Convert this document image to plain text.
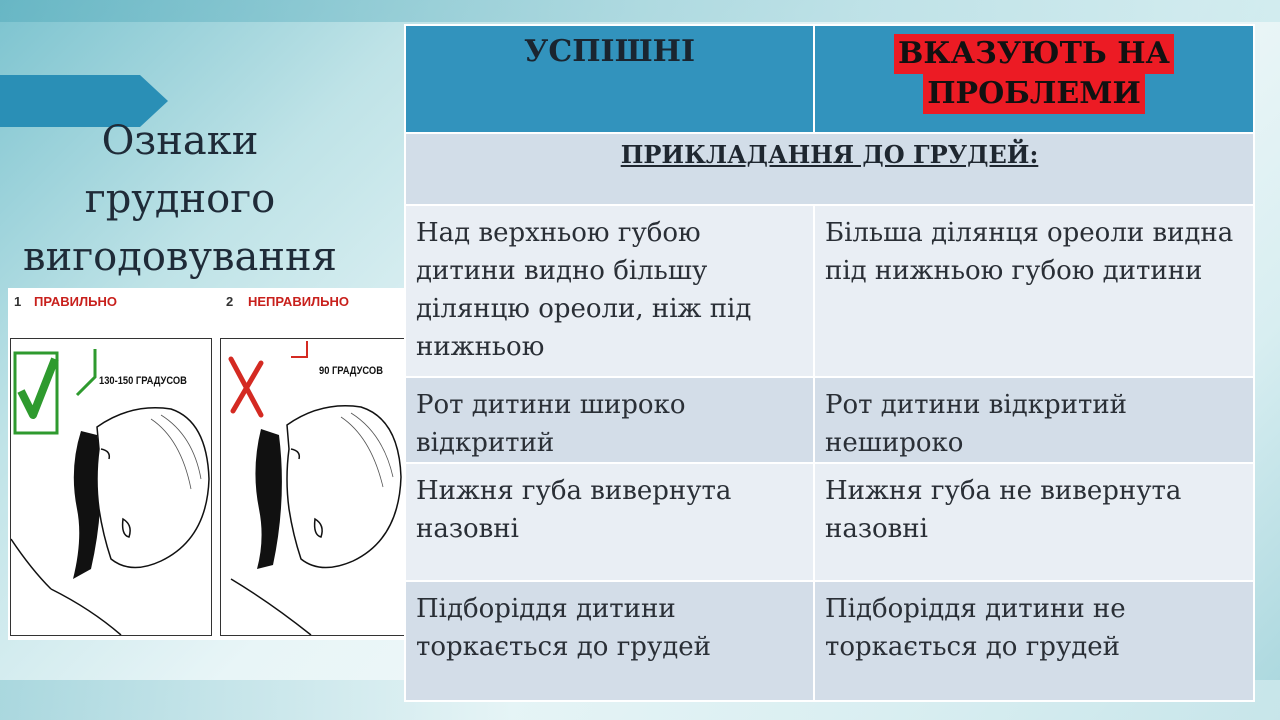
Ознаки
грудного
вигодовування
1 ПРАВИЛЬНО	2 НЕПРАВИЛЬНО
130-150 ГРАДУСОВ
90 ГРАДУСОВ
УСПІШНІ	ВКАЗУЮТЬ НА
ПРОБЛЕМИ
ПРИКЛАДАННЯ ДО ГРУДЕЙ:	
Над верхньою губою дитини видно більшу ділянцю ореоли, ніж під нижньою	Більша ділянця ореоли видна під нижньою губою дитини
Рот дитини широко відкритий	Рот дитини відкритий нешироко
Нижня губа вивернута назовні	Нижня губа не вивернута назовні
Підборіддя дитини торкається до грудей	Підборіддя дитини не торкається до грудей
